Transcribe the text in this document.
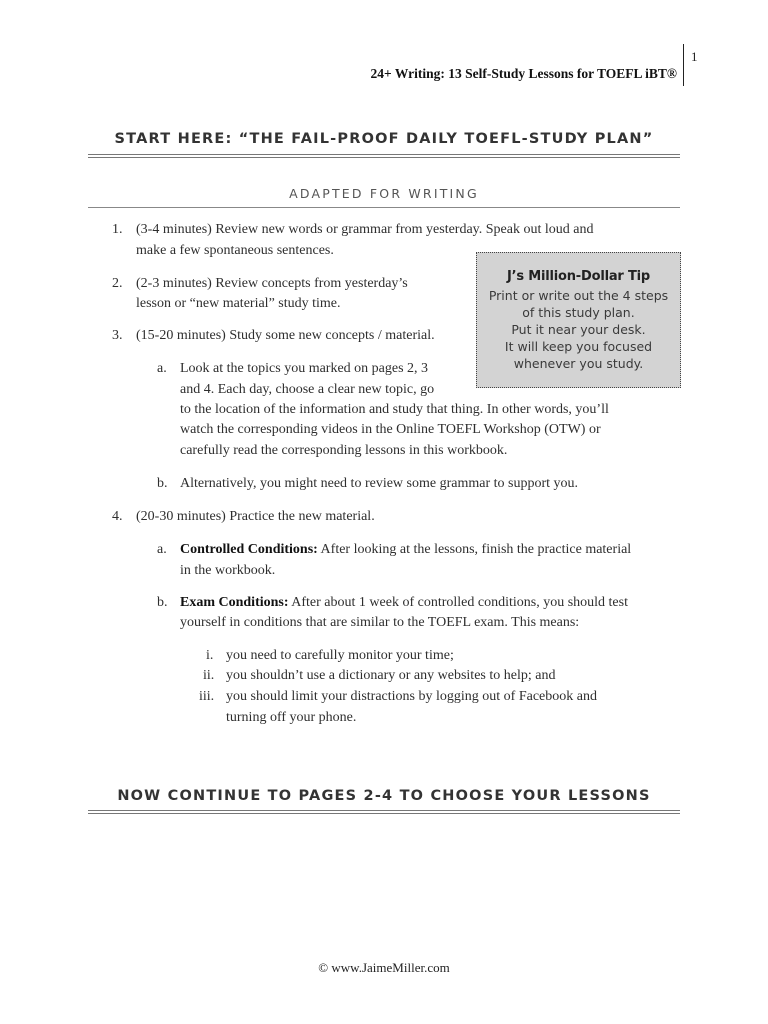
1
24+ Writing: 13 Self-Study Lessons for TOEFL iBT®
START HERE: “THE FAIL-PROOF DAILY TOEFL-STUDY PLAN”
ADAPTED FOR WRITING
1. (3-4 minutes) Review new words or grammar from yesterday. Speak out loud and
make a few spontaneous sentences.
2. (2-3 minutes) Review concepts from yesterday’s
lesson or “new material” study time.
3. (15-20 minutes) Study some new concepts / material.
a. Look at the topics you marked on pages 2, 3
and 4. Each day, choose a clear new topic, go
to the location of the information and study that thing. In other words, you’ll
watch the corresponding videos in the Online TOEFL Workshop (OTW) or
carefully read the corresponding lessons in this workbook.
b. Alternatively, you might need to review some grammar to support you.
4. (20-30 minutes) Practice the new material.
a. Controlled Conditions: After looking at the lessons, finish the practice material
in the workbook.
b. Exam Conditions: After about 1 week of controlled conditions, you should test
yourself in conditions that are similar to the TOEFL exam. This means:
i. you need to carefully monitor your time;
ii. you shouldn’t use a dictionary or any websites to help; and
iii. you should limit your distractions by logging out of Facebook and
turning off your phone.
J’s Million-Dollar Tip
Print or write out the 4 steps
of this study plan.
Put it near your desk.
It will keep you focused
whenever you study.
NOW CONTINUE TO PAGES 2-4 TO CHOOSE YOUR LESSONS
© www.JaimeMiller.com
